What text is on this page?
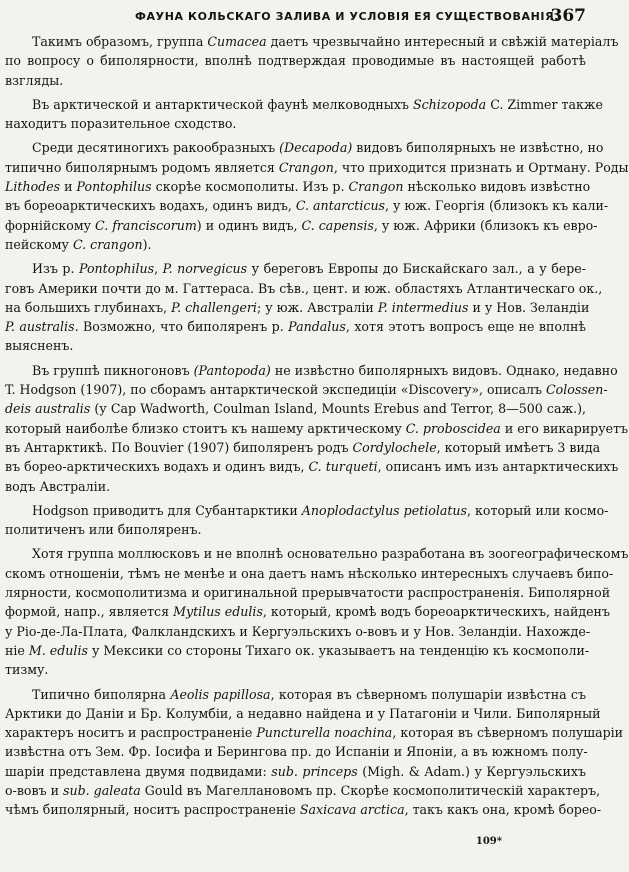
ФАУНА КОЛЬСКАГО ЗАЛИВА И УСЛОВІЯ ЕЯ СУЩЕСТВОВАНІЯ.
367
Такимъ образомъ, группа Cumacea даетъ чрезвычайно интересный и свѣжій матеріалъ
по вопросу о биполярности, вполнѣ подтверждая проводимые въ настоящей работѣ
взгляды.
Въ арктической и антарктической фаунѣ мелководныхъ Schizopoda C. Zimmer также
находитъ поразительное сходство.
Среди десятиногихъ ракообразныхъ (Decapoda) видовъ биполярныхъ не извѣстно, но
типично биполярнымъ родомъ является Crangon, что приходится признать и Ортману. Роды
Lithodes и Pontophilus скорѣе космополиты. Изъ р. Crangon нѣсколько видовъ извѣстно
въ бореоарктическихъ водахъ, одинъ видъ, C. antarcticus, у юж. Георгія (близокъ къ кали-
форнійскому C. franciscorum) и одинъ видъ, C. capensis, у юж. Африки (близокъ къ евро-
пейскому C. crangon).
Изъ р. Pontophilus, P. norvegicus у береговъ Европы до Бискайскаго зал., а у бере-
говъ Америки почти до м. Гаттераса. Въ сѣв., цент. и юж. областяхъ Атлантическаго ок.,
на большихъ глубинахъ, P. challengeri; у юж. Австраліи P. intermedius и у Нов. Зеландіи
P. australis. Возможно, что биполяренъ р. Pandalus, хотя этотъ вопросъ еще не вполнѣ
выясненъ.
Въ группѣ пикногоновъ (Pantopoda) не извѣстно биполярныхъ видовъ. Однако, недавно
T. Hodgson (1907), по сборамъ антарктической экспедиціи «Discovery», описалъ Colossen-
deis australis (у Cap Wadworth, Coulman Island, Mounts Erebus and Terror, 8—500 саж.),
который наиболѣе близко стоитъ къ нашему арктическому C. proboscidea и его викарируетъ
въ Антарктикѣ. По Bouvier (1907) биполяренъ родъ Cordylochele, который имѣетъ 3 вида
въ борео-арктическихъ водахъ и одинъ видъ, C. turqueti, описанъ имъ изъ антарктическихъ
водъ Австраліи.
Hodgson приводитъ для Субантарктики Anoplodactylus petiolatus, который или космо-
политиченъ или биполяренъ.
Хотя группа моллюсковъ и не вполнѣ основательно разработана въ зоогеографическомъ
скомъ отношеніи, тѣмъ не менѣе и она даетъ намъ нѣсколько интересныхъ случаевъ бипо-
лярности, космополитизма и оригинальной прерывчатости распространенія. Биполярной
формой, напр., является Mytilus edulis, который, кромѣ водъ бореоарктическихъ, найденъ
у Ріо-де-Ла-Плата, Фалкландскихъ и Кергуэльскихъ о-вовъ и у Нов. Зеландіи. Нахожде-
ніе M. edulis у Мексики со стороны Тихаго ок. указываетъ на тенденцію къ космополи-
тизму.
Типично биполярна Aeolis papillosa, которая въ сѣверномъ полушаріи извѣстна съ
Арктики до Даніи и Бр. Колумбіи, а недавно найдена и у Патагоніи и Чили. Биполярный
характеръ носитъ и распространеніе Puncturella noachina, которая въ сѣверномъ полушаріи
извѣстна отъ Зем. Фр. Іосифа и Берингова пр. до Испаніи и Японіи, а въ южномъ полу-
шаріи представлена двумя подвидами: sub. princeps (Migh. & Adam.) у Кергуэльскихъ
о-вовъ и sub. galeata Gould въ Магеллановомъ пр. Скорѣе космополитическій характеръ,
чѣмъ биполярный, носитъ распространеніе Saxicava arctica, такъ какъ она, кромѣ борео-
109*
